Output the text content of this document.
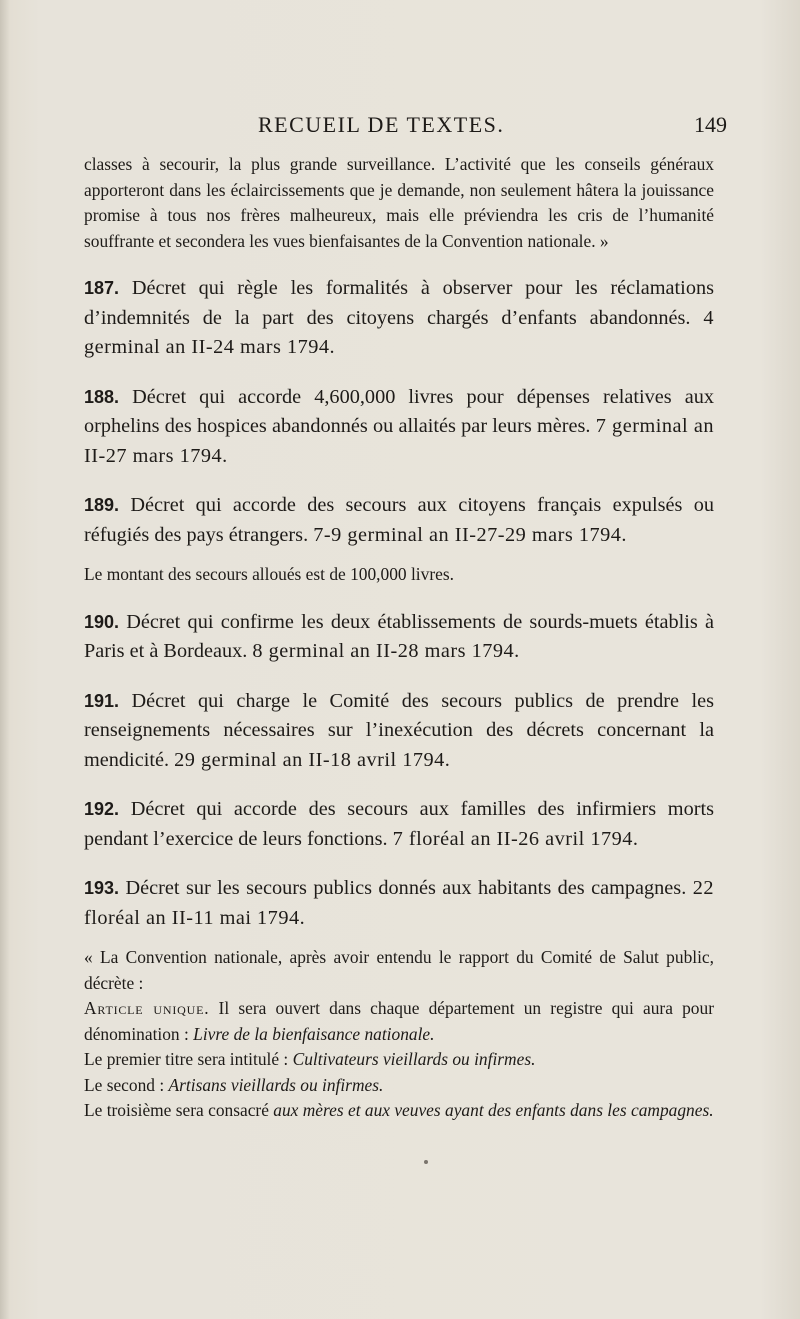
RECUEIL DE TEXTES.	149

classes à secourir, la plus grande surveillance. L’activité que les conseils généraux apporteront dans les éclaircissements que je demande, non seulement hâtera la jouissance promise à tous nos frères malheureux, mais elle préviendra les cris de l’humanité souffrante et secondera les vues bienfaisantes de la Convention nationale. »

187. Décret qui règle les formalités à observer pour les réclamations d’indemnités de la part des citoyens chargés d’enfants abandonnés. 4 germinal an II-24 mars 1794.

188. Décret qui accorde 4,600,000 livres pour dépenses relatives aux orphelins des hospices abandonnés ou allaités par leurs mères. 7 germinal an II-27 mars 1794.

189. Décret qui accorde des secours aux citoyens français expulsés ou réfugiés des pays étrangers. 7-9 germinal an II-27-29 mars 1794.

Le montant des secours alloués est de 100,000 livres.

190. Décret qui confirme les deux établissements de sourds-muets établis à Paris et à Bordeaux. 8 germinal an II-28 mars 1794.

191. Décret qui charge le Comité des secours publics de prendre les renseignements nécessaires sur l’inexécution des décrets concernant la mendicité. 29 germinal an II-18 avril 1794.

192. Décret qui accorde des secours aux familles des infirmiers morts pendant l’exercice de leurs fonctions. 7 floréal an II-26 avril 1794.

193. Décret sur les secours publics donnés aux habitants des campagnes. 22 floréal an II-11 mai 1794.

« La Convention nationale, après avoir entendu le rapport du Comité de Salut public, décrète :

Article unique. Il sera ouvert dans chaque département un registre qui aura pour dénomination : Livre de la bienfaisance nationale.

Le premier titre sera intitulé : Cultivateurs vieillards ou infirmes.

Le second : Artisans vieillards ou infirmes.

Le troisième sera consacré aux mères et aux veuves ayant des enfants dans les campagnes.
